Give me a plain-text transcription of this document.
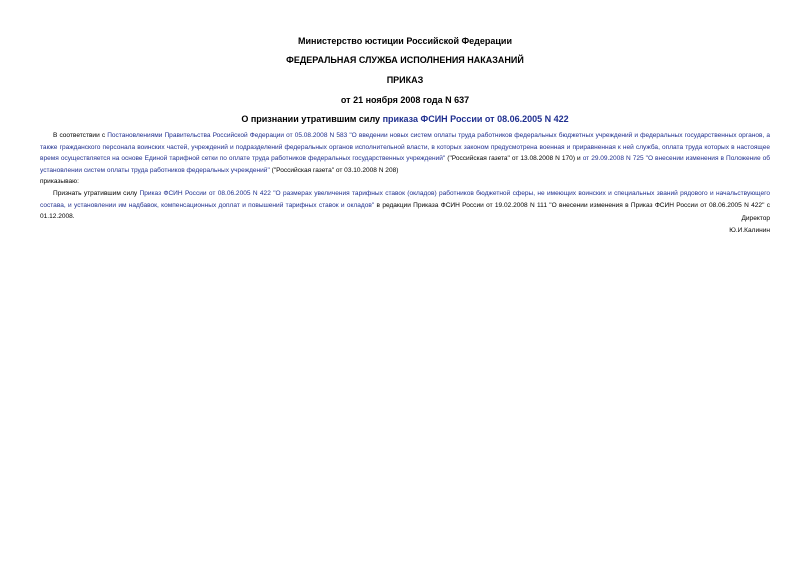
Министерство юстиции Российской Федерации
ФЕДЕРАЛЬНАЯ СЛУЖБА ИСПОЛНЕНИЯ НАКАЗАНИЙ
ПРИКАЗ
от 21 ноября 2008 года N 637
О признании утратившим силу приказа ФСИН России от 08.06.2005 N 422

В соответствии с Постановлениями Правительства Российской Федерации от 05.08.2008 N 583 "О введении новых систем оплаты труда работников федеральных бюджетных учреждений и федеральных государственных органов, а также гражданского персонала воинских частей, учреждений и подразделений федеральных органов исполнительной власти, в которых законом предусмотрена военная и приравненная к ней служба, оплата труда которых в настоящее время осуществляется на основе Единой тарифной сетки по оплате труда работников федеральных государственных учреждений" ("Российская газета" от 13.08.2008 N 170) и от 29.09.2008 N 725 "О внесении изменения в Положение об установлении систем оплаты труда работников федеральных учреждений" ("Российская газета" от 03.10.2008 N 208)

приказываю:

Признать утратившим силу Приказ ФСИН России от 08.06.2005 N 422 "О размерах увеличения тарифных ставок (окладов) работников бюджетной сферы, не имеющих воинских и специальных званий рядового и начальствующего состава, и установлении им надбавок, компенсационных доплат и повышений тарифных ставок и окладов" в редакции Приказа ФСИН России от 19.02.2008 N 111 "О внесении изменения в Приказ ФСИН России от 08.06.2005 N 422" с 01.12.2008.	Директор
Ю.И.Калинин
